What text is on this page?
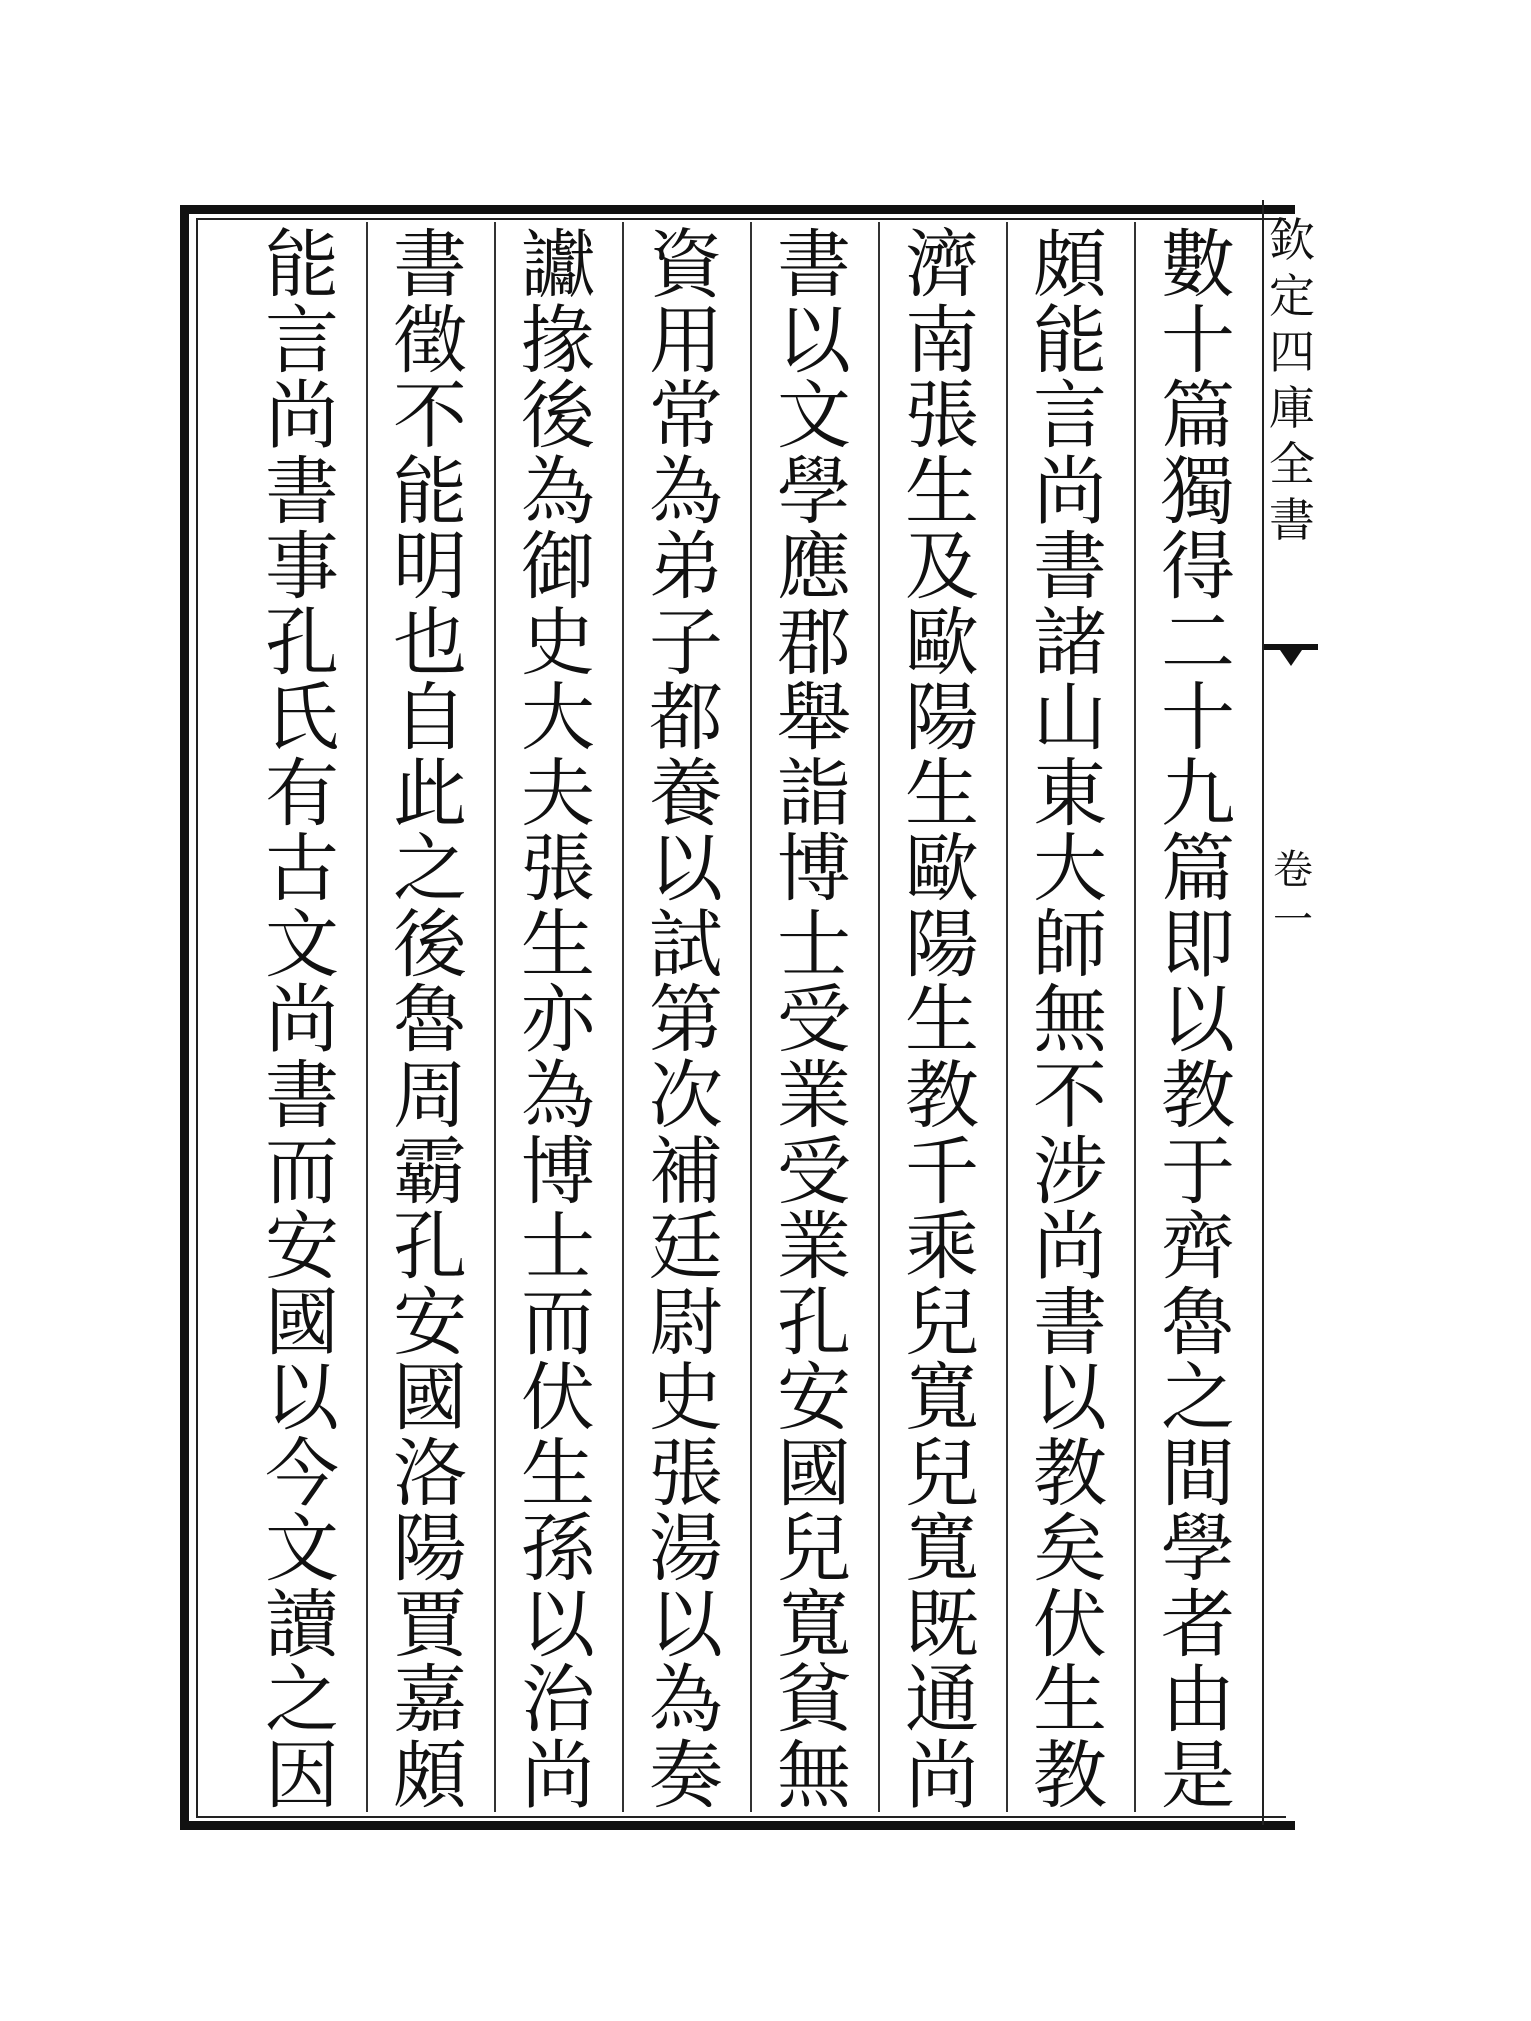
欽
定
四
庫
全
書
卷
一
數
十
篇
獨
得
二
十
九
篇
即
以
教
于
齊
魯
之
間
學
者
由
是
頗
能
言
尚
書
諸
山
東
大
師
無
不
涉
尚
書
以
教
矣
伏
生
教
濟
南
張
生
及
歐
陽
生
歐
陽
生
教
千
乘
兒
寬
兒
寬
既
通
尚
書
以
文
學
應
郡
舉
詣
博
士
受
業
受
業
孔
安
國
兒
寬
貧
無
資
用
常
為
弟
子
都
養
以
試
第
次
補
廷
尉
史
張
湯
以
為
奏
讞
掾
後
為
御
史
大
夫
張
生
亦
為
博
士
而
伏
生
孫
以
治
尚
書
徵
不
能
明
也
自
此
之
後
魯
周
霸
孔
安
國
洛
陽
賈
嘉
頗
能
言
尚
書
事
孔
氏
有
古
文
尚
書
而
安
國
以
今
文
讀
之
因
